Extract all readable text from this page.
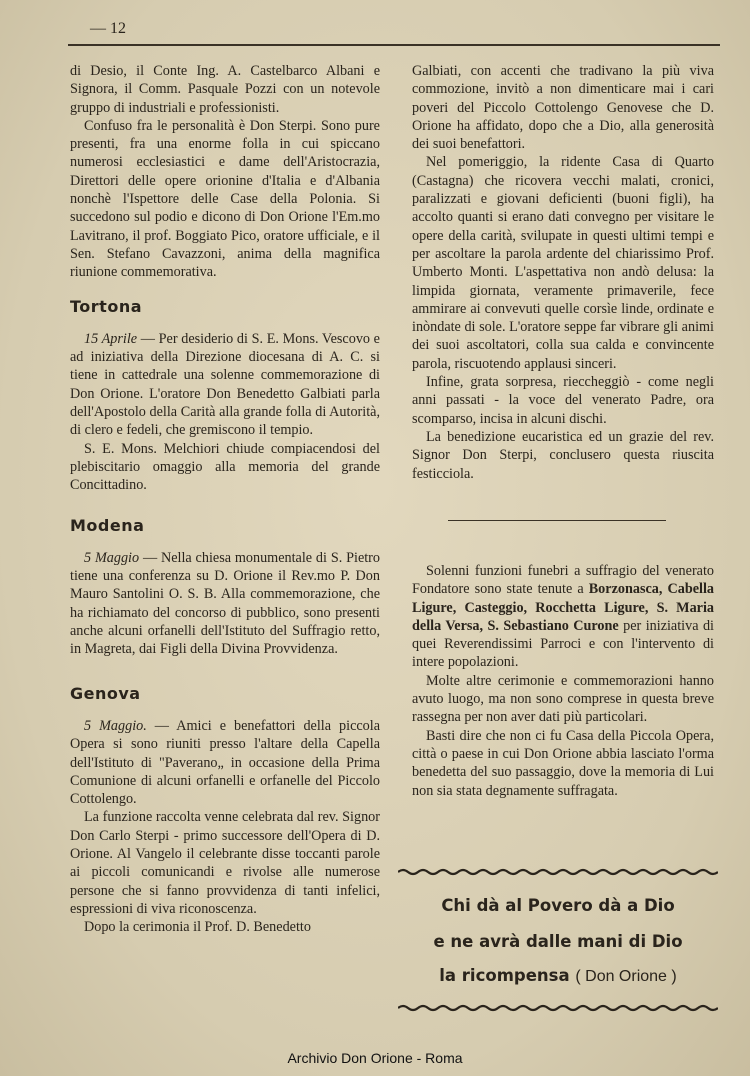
— 12

di Desio, il Conte Ing. A. Castelbarco Albani e Signora, il Comm. Pasquale Pozzi con un notevole gruppo di industriali e professionisti.

Confuso fra le personalità è Don Sterpi. Sono pure presenti, fra una enorme folla in cui spiccano numerosi ecclesiastici e dame dell'Aristocrazia, Direttori delle opere orionine d'Italia e d'Albania nonchè l'Ispettore delle Case della Polonia. Si succedono sul podio e dicono di Don Orione l'Em.mo Lavitrano, il prof. Boggiato Pico, oratore ufficiale, e il Sen. Stefano Cavazzoni, anima della magnifica riunione commemorativa.

Tortona

15 Aprile — Per desiderio di S. E. Mons. Vescovo e ad iniziativa della Direzione diocesana di A. C. si tiene in cattedrale una solenne commemorazione di Don Orione. L'oratore Don Benedetto Galbiati parla dell'Apostolo della Carità alla grande folla di Autorità, di clero e fedeli, che gremiscono il tempio.

S. E. Mons. Melchiori chiude compiacendosi del plebiscitario omaggio alla memoria del grande Concittadino.

Modena

5 Maggio — Nella chiesa monumentale di S. Pietro tiene una conferenza su D. Orione il Rev.mo P. Don Mauro Santolini O. S. B. Alla commemorazione, che ha richiamato del concorso di pubblico, sono presenti anche alcuni orfanelli dell'Istituto del Suffragio retto, in Magreta, dai Figli della Divina Provvidenza.

Genova

5 Maggio. — Amici e benefattori della piccola Opera si sono riuniti presso l'altare della Capella dell'Istituto di "Paverano„ in occasione della Prima Comunione di alcuni orfanelli e orfanelle del Piccolo Cottolengo.

La funzione raccolta venne celebrata dal rev. Signor Don Carlo Sterpi - primo successore dell'Opera di D. Orione. Al Vangelo il celebrante disse toccanti parole ai piccoli comunicandi e rivolse alle numerose persone che si fanno provvidenza di tanti infelici, espressioni di viva riconoscenza.

Dopo la cerimonia il Prof. D. Benedetto

Galbiati, con accenti che tradivano la più viva commozione, invitò a non dimenticare mai i cari poveri del Piccolo Cottolengo Genovese che D. Orione ha affidato, dopo che a Dio, alla generosità dei suoi benefattori.

Nel pomeriggio, la ridente Casa di Quarto (Castagna) che ricovera vecchi malati, cronici, paralizzati e giovani deficienti (buoni figli), ha accolto quanti si erano dati convegno per visitare le opere della carità, svilupate in questi ultimi tempi e per ascoltare la parola ardente del chiarissimo Prof. Umberto Monti. L'aspettativa non andò delusa: la limpida giornata, veramente primaverile, fece ammirare ai convevuti quelle corsìe linde, ordinate e inòndate di sole. L'oratore seppe far vibrare gli animi dei suoi ascoltatori, colla sua calda e convincente parola, riscuotendo applausi sinceri.

Infine, grata sorpresa, riecchеggiò - come negli anni passati - la voce del venerato Padre, ora scomparso, incisa in alcuni dischi.

La benedizione eucaristica ed un grazie del rev. Signor Don Sterpi, conclusero questa riuscita festicciola.

Solenni funzioni funebri a suffragio del venerato Fondatore sono state tenute a Borzonasca, Cabella Ligure, Casteggio, Rocchetta Ligure, S. Maria della Versa, S. Sebastiano Curone per iniziativa di quei Reverendissimi Parroci e con l'intervento di intere popolazioni.

Molte altre cerimonie e commemorazioni hanno avuto luogo, ma non sono comprese in questa breve rassegna per non aver dati più particolari.

Basti dire che non ci fu Casa della Piccola Opera, città o paese in cui Don Orione abbia lasciato l'orma benedetta del suo passaggio, dove la memoria di Lui non sia stata degnamente suffragata.

Chi dà al Povero dà a Dio
e ne avrà dalle mani di Dio
la ricompensa ( Don Orione )
Archivio Don Orione - Roma
